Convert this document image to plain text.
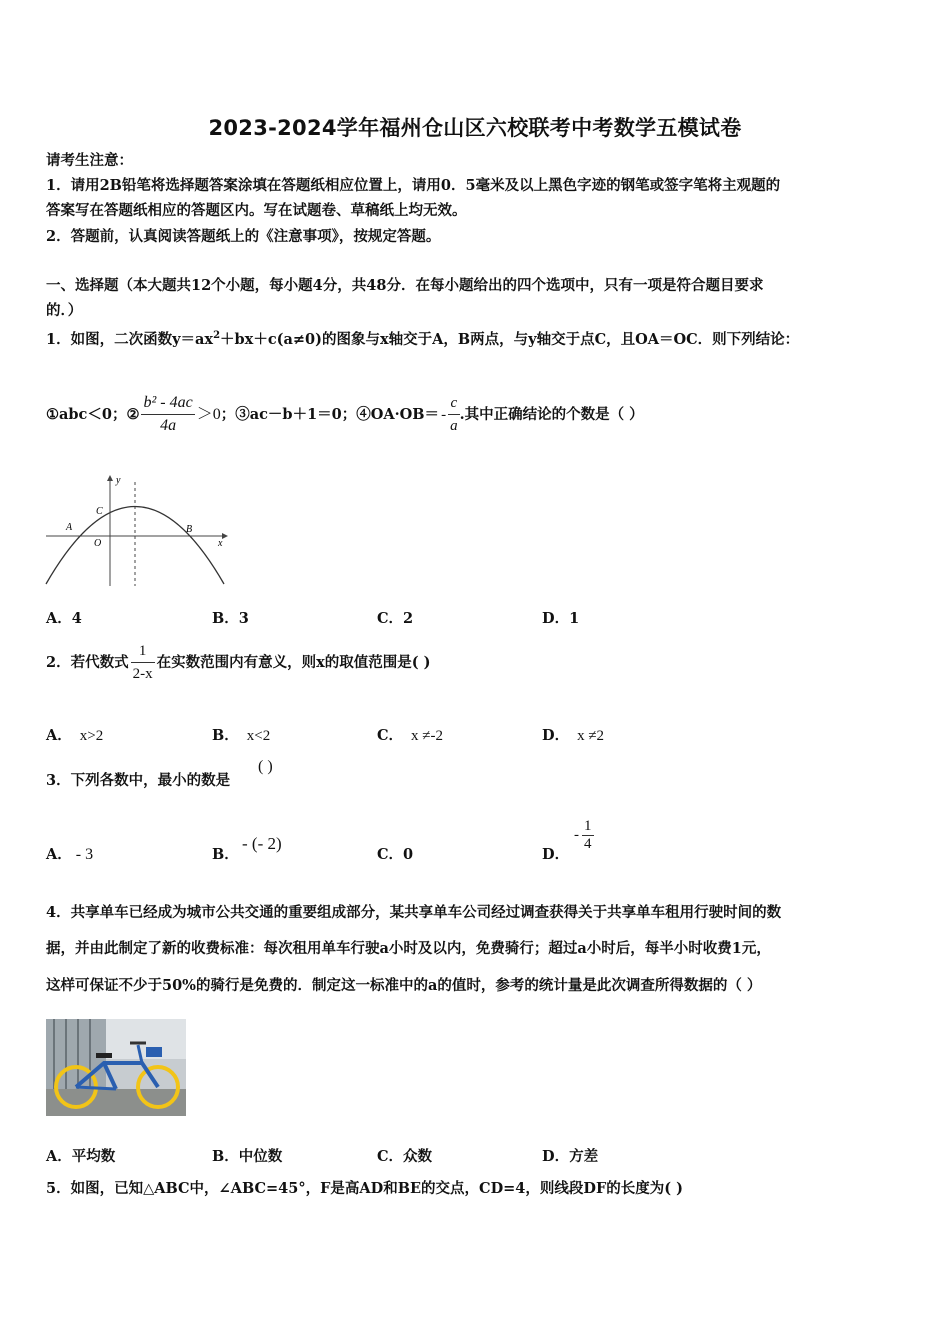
2023-2024学年福州仓山区六校联考中考数学五模试卷
请考生注意：
1．请用2B铅笔将选择题答案涂填在答题纸相应位置上，请用0．5毫米及以上黑色字迹的钢笔或签字笔将主观题的
答案写在答题纸相应的答题区内。写在试题卷、草稿纸上均无效。
2．答题前，认真阅读答题纸上的《注意事项》，按规定答题。
一、选择题（本大题共12个小题，每小题4分，共48分．在每小题给出的四个选项中，只有一项是符合题目要求
的．）
1．如图，二次函数$y=ax^2+bx+c(a\ne 0)$的图象与x轴交于A，B两点，与y轴交于点C，且OA＝OC．则下列结论：
①abc＜0；② $\frac{\text{b² - 4ac}}{4a} >0$ ；③ac－b＋1＝0；④OA·OB＝ - $\frac{c}{a}$ .其中正确结论的个数是（ ）
y
x
A	B
C
O
A．4	B．3	C．2	D．1
2．若代数式 $\frac{1}{2-x}$ 在实数范围内有意义，则x的取值范围是( )
A． x>2	B． x<2	C． x ≠-2	D． x ≠2
3．下列各数中，最小的数是
( )
A． - 3	B．
- (- 2)
C．0	D．
- $\frac{1}{4}$
4．共享单车已经成为城市公共交通的重要组成部分，某共享单车公司经过调查获得关于共享单车租用行驶时间的数
据，并由此制定了新的收费标准：每次租用单车行驶a小时及以内，免费骑行；超过a小时后，每半小时收费1元，
这样可保证不少于50%的骑行是免费的．制定这一标准中的a的值时，参考的统计量是此次调查所得数据的（ ）
A．平均数	B．中位数	C．众数	D．方差
5．如图，已知△ABC中，∠ABC=45°，F是高AD和BE的交点，CD=4，则线段DF的长度为( )
